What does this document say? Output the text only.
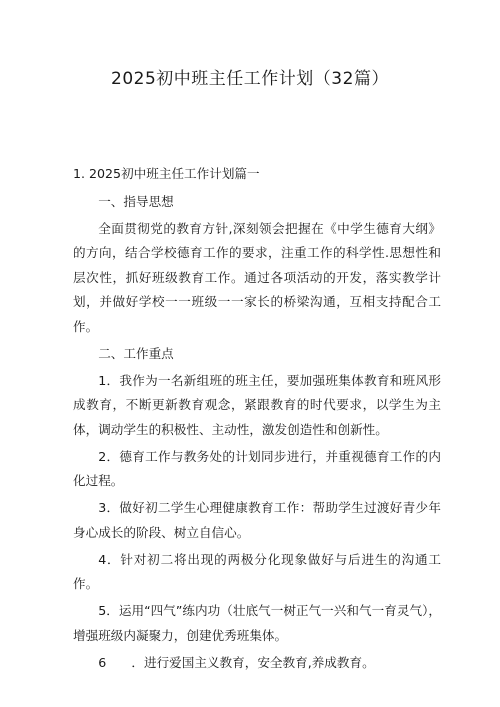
2025初中班主任工作计划（32篇）

1. 2025初中班主任工作计划篇一

一、指导思想

全面贯彻党的教育方针,深刻领会把握在《中学生德育大纲》的方向，结合学校德育工作的要求，注重工作的科学性.思想性和层次性，抓好班级教育工作。通过各项活动的开发，落实教学计划，并做好学校一一班级一一家长的桥梁沟通，互相支持配合工作。

二、工作重点

1．我作为一名新组班的班主任，要加强班集体教育和班风形成教育，不断更新教育观念，紧跟教育的时代要求，以学生为主体，调动学生的积极性、主动性，激发创造性和创新性。

2．德育工作与教务处的计划同步进行，并重视德育工作的内化过程。

3．做好初二学生心理健康教育工作：帮助学生过渡好青少年身心成长的阶段、树立自信心。

4．针对初二将出现的两极分化现象做好与后进生的沟通工作。

5．运用“四气”练内功（壮底气一树正气一兴和气一育灵气），增强班级内凝聚力，创建优秀班集体。

6　　．进行爱国主义教育，安全教育,养成教育。
